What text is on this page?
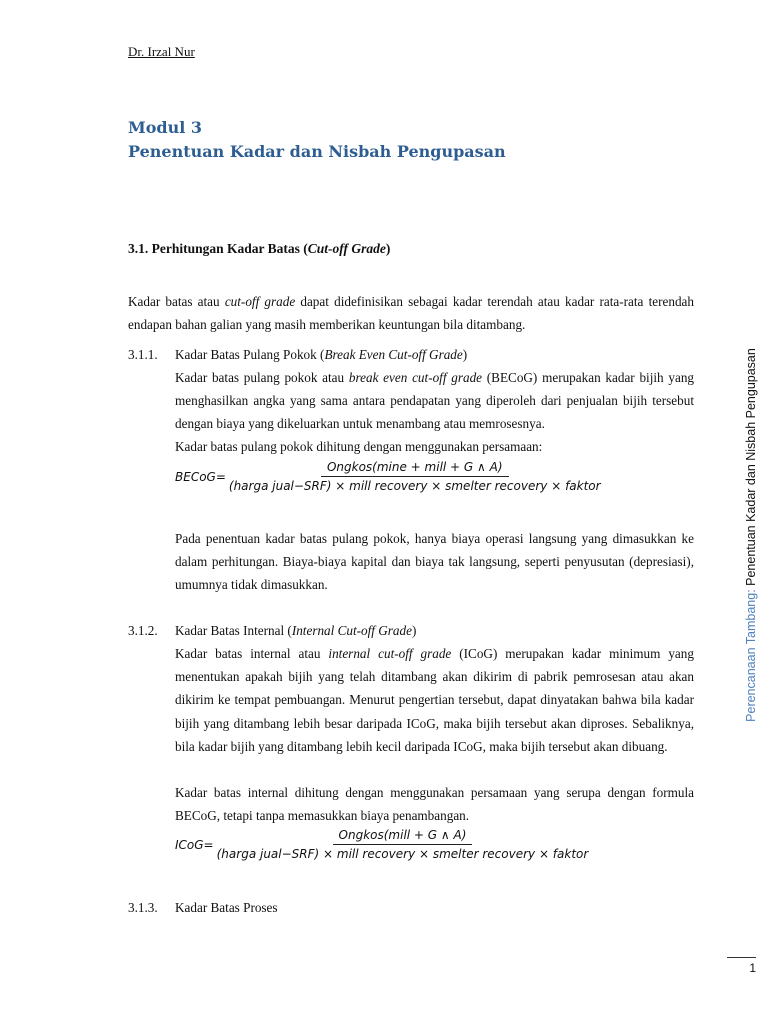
Dr. Irzal Nur
Modul 3
Penentuan Kadar dan Nisbah Pengupasan
3.1. Perhitungan Kadar Batas (Cut-off Grade)
Kadar batas atau cut-off grade dapat didefinisikan sebagai kadar terendah atau kadar rata-rata terendah endapan bahan galian yang masih memberikan keuntungan bila ditambang.
3.1.1. Kadar Batas Pulang Pokok (Break Even Cut-off Grade)
Kadar batas pulang pokok atau break even cut-off grade (BECoG) merupakan kadar bijih yang menghasilkan angka yang sama antara pendapatan yang diperoleh dari penjualan bijih tersebut dengan biaya yang dikeluarkan untuk menambang atau memrosesnya.
Kadar batas pulang pokok dihitung dengan menggunakan persamaan:
BECoG= $\frac{\text{Ongkos⁡(mine + mill + G ∧ A)}}{\text{(harga jual−SRF) × mill recovery × smelter recovery × faktor}}$
Pada penentuan kadar batas pulang pokok, hanya biaya operasi langsung yang dimasukkan ke dalam perhitungan. Biaya-biaya kapital dan biaya tak langsung, seperti penyusutan (depresiasi), umumnya tidak dimasukkan.
3.1.2. Kadar Batas Internal (Internal Cut-off Grade)
Kadar batas internal atau internal cut-off grade (ICoG) merupakan kadar minimum yang menentukan apakah bijih yang telah ditambang akan dikirim di pabrik pemrosesan atau akan dikirim ke tempat pembuangan. Menurut pengertian tersebut, dapat dinyatakan bahwa bila kadar bijih yang ditambang lebih besar daripada ICoG, maka bijih tersebut akan diproses. Sebaliknya, bila kadar bijih yang ditambang lebih kecil daripada ICoG, maka bijih tersebut akan dibuang.
Kadar batas internal dihitung dengan menggunakan persamaan yang serupa dengan formula BECoG, tetapi tanpa memasukkan biaya penambangan.
ICoG= $\frac{\text{Ongkos⁡(mill + G ∧ A)}}{\text{(harga jual−SRF) × mill recovery × smelter recovery × faktor}}$
3.1.3. Kadar Batas Proses
Perencanaan Tambang: Penentuan Kadar dan Nisbah Pengupasan
1
